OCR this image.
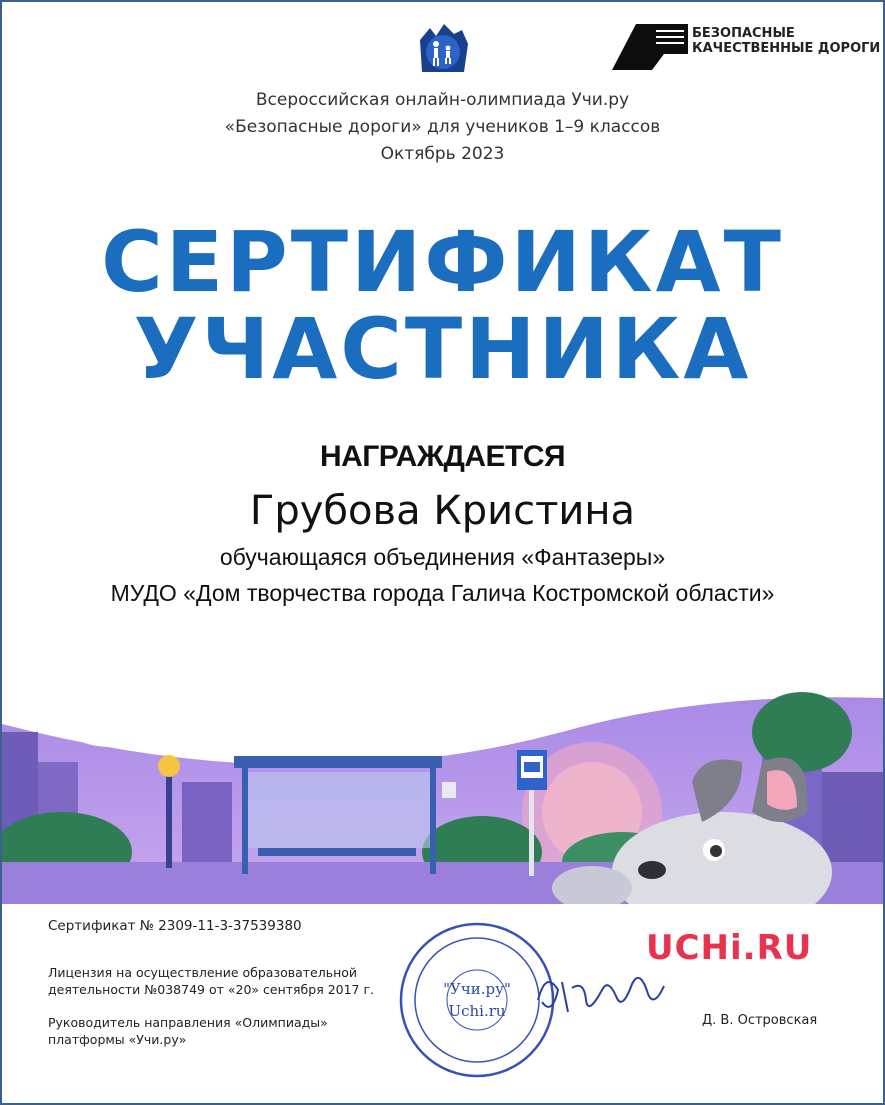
БЕЗОПАСНЫЕ
КАЧЕСТВЕННЫЕ ДОРОГИ
Всероссийская онлайн-олимпиада Учи.ру
«Безопасные дороги» для учеников 1–9 классов
Октябрь 2023
СЕРТИФИКАТ
УЧАСТНИКА
НАГРАЖДАЕТСЯ
Грубова Кристина
обучающаяся объединения «Фантазеры»
МУДО «Дом творчества города Галича Костромской области»
Сертификат № 2309-11-3-37539380
Лицензия на осуществление образовательной
деятельности №038749 от «20» сентября 2017 г.
Руководитель направления «Олимпиады»
платформы «Учи.ру»
"Учи.ру"
Uchi.ru
Д. В. Островская
UCHi.RU
